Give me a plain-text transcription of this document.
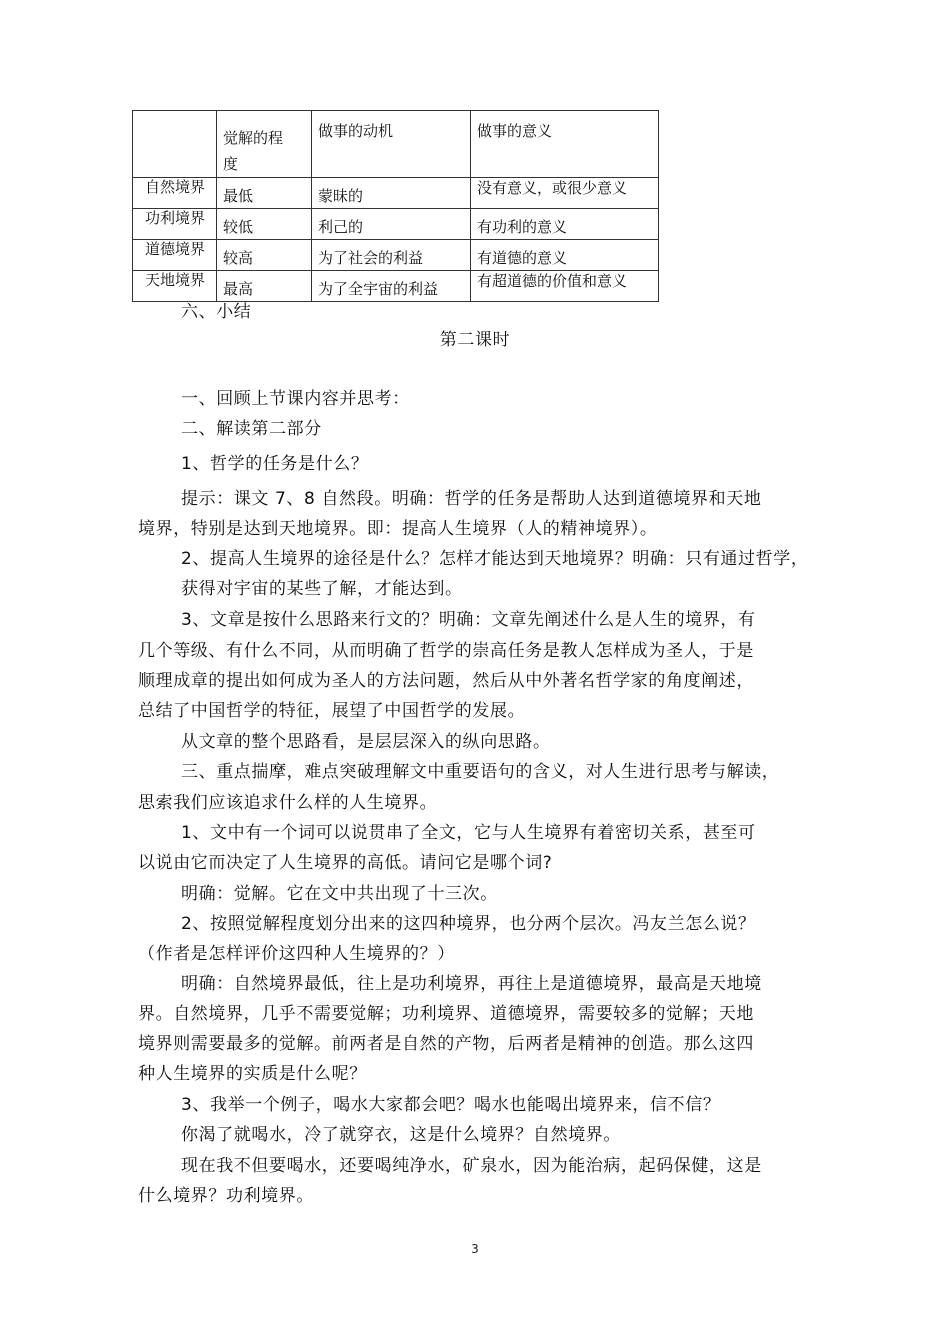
	觉解的程度	做事的动机	做事的意义

自然境界	最低	蒙昧的	没有意义，或很少意义

功利境界	较低	利己的	有功利的意义

道德境界	较高	为了社会的利益	有道德的意义

天地境界	最高	为了全宇宙的利益	有超道德的价值和意义
六、小结
第二课时
一、回顾上节课内容并思考：
二、解读第二部分
1、哲学的任务是什么？
提示：课文 7、8 自然段。明确：哲学的任务是帮助人达到道德境界和天地
境界，特别是达到天地境界。即：提高人生境界（人的精神境界）。
2、提高人生境界的途径是什么？怎样才能达到天地境界？明确：只有通过哲学，
获得对宇宙的某些了解，才能达到。
3、文章是按什么思路来行文的？明确：文章先阐述什么是人生的境界，有
几个等级、有什么不同，从而明确了哲学的崇高任务是教人怎样成为圣人，于是
顺理成章的提出如何成为圣人的方法问题，然后从中外著名哲学家的角度阐述，
总结了中国哲学的特征，展望了中国哲学的发展。
从文章的整个思路看，是层层深入的纵向思路。
三、重点揣摩，难点突破理解文中重要语句的含义，对人生进行思考与解读，
思索我们应该追求什么样的人生境界。
1、文中有一个词可以说贯串了全文，它与人生境界有着密切关系，甚至可
以说由它而决定了人生境界的高低。请问它是哪个词?
明确：觉解。它在文中共出现了十三次。
2、按照觉解程度划分出来的这四种境界，也分两个层次。冯友兰怎么说？
（作者是怎样评价这四种人生境界的？）
明确：自然境界最低，往上是功利境界，再往上是道德境界，最高是天地境
界。自然境界，几乎不需要觉解；功利境界、道德境界，需要较多的觉解；天地
境界则需要最多的觉解。前两者是自然的产物，后两者是精神的创造。那么这四
种人生境界的实质是什么呢？
3、我举一个例子，喝水大家都会吧？喝水也能喝出境界来，信不信？
你渴了就喝水，冷了就穿衣，这是什么境界？自然境界。
现在我不但要喝水，还要喝纯净水，矿泉水，因为能治病，起码保健，这是
什么境界？功利境界。
3
